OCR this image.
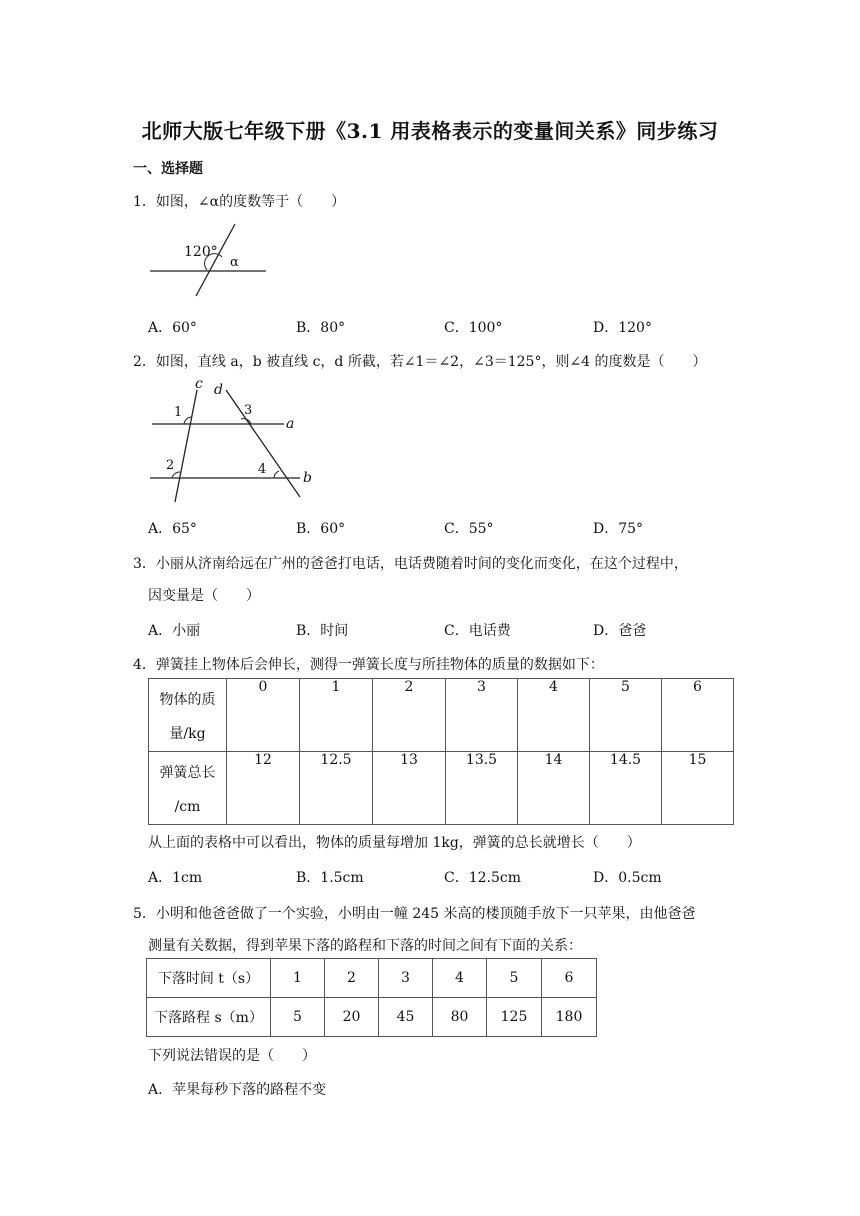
北师大版七年级下册《3.1 用表格表示的变量间关系》同步练习
一、选择题
1．如图，∠α的度数等于（　　）
120°
α
A．60°	B．80°	C．100°	D．120°
2．如图，直线 a，b 被直线 c，d 所截，若∠1＝∠2，∠3＝125°，则∠4 的度数是（　　）
c d
a
b
1
2
3
4
A．65°	B．60°	C．55°	D．75°
3．小丽从济南给远在广州的爸爸打电话，电话费随着时间的变化而变化，在这个过程中，
因变量是（　　）
A．小丽	B．时间	C．电话费	D．爸爸
4．弹簧挂上物体后会伸长，测得一弹簧长度与所挂物体的质量的数据如下：
物体的质
量/kg	0	1	2	3	4	5	6

弹簧总长
/cm	12	12.5	13	13.5	14	14.5	15
从上面的表格中可以看出，物体的质量每增加 1kg，弹簧的总长就增长（　　）
A．1cm	B．1.5cm	C．12.5cm	D．0.5cm
5．小明和他爸爸做了一个实验，小明由一幢 245 米高的楼顶随手放下一只苹果，由他爸爸
测量有关数据，得到苹果下落的路程和下落的时间之间有下面的关系：
下落时间 t（s）	1	2	3	4	5	6
下落路程 s（m）	5	20	45	80	125	180
下列说法错误的是（　　）
A．苹果每秒下落的路程不变
